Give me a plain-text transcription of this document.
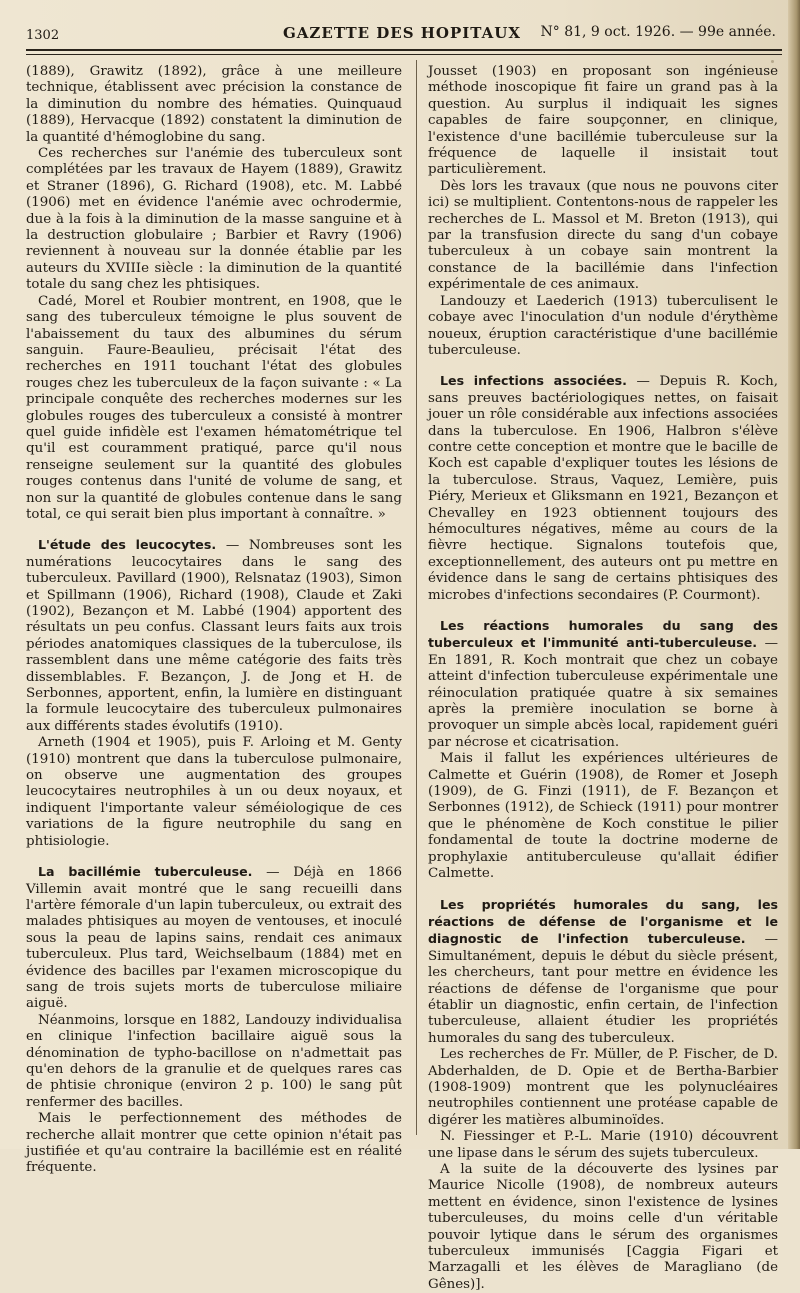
1302	GAZETTE DES HOPITAUX	N° 81, 9 oct. 1926. — 99e année.

(1889), Grawitz (1892), grâce à une meilleure technique, établissent avec précision la constance de la diminution du nombre des hématies. Quinquaud (1889), Hervacque (1892) constatent la diminution de la quantité d'hémoglobine du sang.

Ces recherches sur l'anémie des tuberculeux sont complétées par les travaux de Hayem (1889), Grawitz et Straner (1896), G. Richard (1908), etc. M. Labbé (1906) met en évidence l'anémie avec ochrodermie, due à la fois à la diminution de la masse sanguine et à la destruction globulaire ; Barbier et Ravry (1906) reviennent à nouveau sur la donnée établie par les auteurs du XVIIIe siècle : la diminution de la quantité totale du sang chez les phtisiques.

Cadé, Morel et Roubier montrent, en 1908, que le sang des tuberculeux témoigne le plus souvent de l'abaissement du taux des albumines du sérum sanguin. Faure-Beaulieu, précisait l'état des recherches en 1911 touchant l'état des globules rouges chez les tuberculeux de la façon suivante : « La principale conquête des recherches modernes sur les globules rouges des tuberculeux a consisté à montrer quel guide infidèle est l'examen hématométrique tel qu'il est couramment pratiqué, parce qu'il nous renseigne seulement sur la quantité des globules rouges contenus dans l'unité de volume de sang, et non sur la quantité de globules contenue dans le sang total, ce qui serait bien plus important à connaître. »

L'étude des leucocytes. — Nombreuses sont les numérations leucocytaires dans le sang des tuberculeux. Pavillard (1900), Relsnataz (1903), Simon et Spillmann (1906), Richard (1908), Claude et Zaki (1902), Bezançon et M. Labbé (1904) apportent des résultats un peu confus. Classant leurs faits aux trois périodes anatomiques classiques de la tuberculose, ils rassemblent dans une même catégorie des faits très dissemblables. F. Bezançon, J. de Jong et H. de Serbonnes, apportent, enfin, la lumière en distinguant la formule leucocytaire des tuberculeux pulmonaires aux différents stades évolutifs (1910).

Arneth (1904 et 1905), puis F. Arloing et M. Genty (1910) montrent que dans la tuberculose pulmonaire, on observe une augmentation des groupes leucocytaires neutrophiles à un ou deux noyaux, et indiquent l'importante valeur séméiologique de ces variations de la figure neutrophile du sang en phtisiologie.

La bacillémie tuberculeuse. — Déjà en 1866 Villemin avait montré que le sang recueilli dans l'artère fémorale d'un lapin tuberculeux, ou extrait des malades phtisiques au moyen de ventouses, et inoculé sous la peau de lapins sains, rendait ces animaux tuberculeux. Plus tard, Weichselbaum (1884) met en évidence des bacilles par l'examen microscopique du sang de trois sujets morts de tuberculose miliaire aiguë.

Néanmoins, lorsque en 1882, Landouzy individualisa en clinique l'infection bacillaire aiguë sous la dénomination de typho-bacillose on n'admettait pas qu'en dehors de la granulie et de quelques rares cas de phtisie chronique (environ 2 p. 100) le sang pût renfermer des bacilles.

Mais le perfectionnement des méthodes de recherche allait montrer que cette opinion n'était pas justifiée et qu'au contraire la bacillémie est en réalité fréquente.

Jousset (1903) en proposant son ingénieuse méthode inoscopique fit faire un grand pas à la question. Au surplus il indiquait les signes capables de faire soupçonner, en clinique, l'existence d'une bacillémie tuberculeuse sur la fréquence de laquelle il insistait tout particulièrement.

Dès lors les travaux (que nous ne pouvons citer ici) se multiplient. Contentons-nous de rappeler les recherches de L. Massol et M. Breton (1913), qui par la transfusion directe du sang d'un cobaye tuberculeux à un cobaye sain montrent la constance de la bacillémie dans l'infection expérimentale de ces animaux.

Landouzy et Laederich (1913) tuberculisent le cobaye avec l'inoculation d'un nodule d'érythème noueux, éruption caractéristique d'une bacillémie tuberculeuse.

Les infections associées. — Depuis R. Koch, sans preuves bactériologiques nettes, on faisait jouer un rôle considérable aux infections associées dans la tuberculose. En 1906, Halbron s'élève contre cette conception et montre que le bacille de Koch est capable d'expliquer toutes les lésions de la tuberculose. Straus, Vaquez, Lemière, puis Piéry, Merieux et Gliksmann en 1921, Bezançon et Chevalley en 1923 obtiennent toujours des hémocultures négatives, même au cours de la fièvre hectique. Signalons toutefois que, exceptionnellement, des auteurs ont pu mettre en évidence dans le sang de certains phtisiques des microbes d'infections secondaires (P. Courmont).

Les réactions humorales du sang des tuberculeux et l'immunité anti-tuberculeuse. — En 1891, R. Koch montrait que chez un cobaye atteint d'infection tuberculeuse expérimentale une réinoculation pratiquée quatre à six semaines après la première inoculation se borne à provoquer un simple abcès local, rapidement guéri par nécrose et cicatrisation.

Mais il fallut les expériences ultérieures de Calmette et Guérin (1908), de Romer et Joseph (1909), de G. Finzi (1911), de F. Bezançon et Serbonnes (1912), de Schieck (1911) pour montrer que le phénomène de Koch constitue le pilier fondamental de toute la doctrine moderne de prophylaxie antituberculeuse qu'allait édifier Calmette.

Les propriétés humorales du sang, les réactions de défense de l'organisme et le diagnostic de l'infection tuberculeuse. — Simultanément, depuis le début du siècle présent, les chercheurs, tant pour mettre en évidence les réactions de défense de l'organisme que pour établir un diagnostic, enfin certain, de l'infection tuberculeuse, allaient étudier les propriétés humorales du sang des tuberculeux.

Les recherches de Fr. Müller, de P. Fischer, de D. Abderhalden, de D. Opie et de Bertha-Barbier (1908-1909) montrent que les polynucléaires neutrophiles contiennent une protéase capable de digérer les matières albuminoïdes.

N. Fiessinger et P.-L. Marie (1910) découvrent une lipase dans le sérum des sujets tuberculeux.

A la suite de la découverte des lysines par Maurice Nicolle (1908), de nombreux auteurs mettent en évidence, sinon l'existence de lysines tuberculeuses, du moins celle d'un véritable pouvoir lytique dans le sérum des organismes tuberculeux immunisés [Caggia Figari et Marzagalli et les élèves de Maragliano (de Gênes)].
